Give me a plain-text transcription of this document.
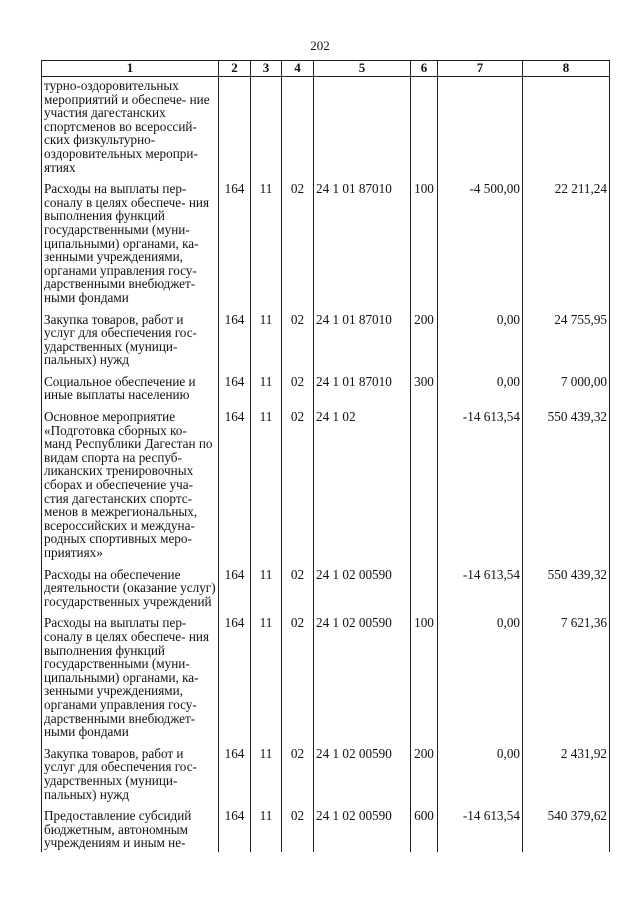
202
1	2	3	4	5	6	7	8
турно-оздоровительных мероприятий и обеспече- ние участия дагестанских спортсменов во всероссий- ских физкультурно- оздоровительных меропри- ятиях							
Расходы на выплаты пер- соналу в целях обеспече- ния выполнения функций государственными (муни- ципальными) органами, ка- зенными учреждениями, органами управления госу- дарственными внебюджет- ными фондами	164	11	02	24 1 01 87010	100	-4 500,00	22 211,24
Закупка товаров, работ и услуг для обеспечения гос- ударственных (муници- пальных) нужд	164	11	02	24 1 01 87010	200	0,00	24 755,95
Социальное обеспечение и иные выплаты населению	164	11	02	24 1 01 87010	300	0,00	7 000,00
Основное мероприятие «Подготовка сборных ко- манд Республики Дагестан по видам спорта на респуб- ликанских тренировочных сборах и обеспечение уча- стия дагестанских спортс- менов в межрегиональных, всероссийских и междуна- родных спортивных меро- приятиях»	164	11	02	24 1 02		-14 613,54	550 439,32
Расходы на обеспечение деятельности (оказание услуг) государственных учреждений	164	11	02	24 1 02 00590		-14 613,54	550 439,32
Расходы на выплаты пер- соналу в целях обеспече- ния выполнения функций государственными (муни- ципальными) органами, ка- зенными учреждениями, органами управления госу- дарственными внебюджет- ными фондами	164	11	02	24 1 02 00590	100	0,00	7 621,36
Закупка товаров, работ и услуг для обеспечения гос- ударственных (муници- пальных) нужд	164	11	02	24 1 02 00590	200	0,00	2 431,92
Предоставление субсидий бюджетным, автономным учреждениям и иным не-	164	11	02	24 1 02 00590	600	-14 613,54	540 379,62
